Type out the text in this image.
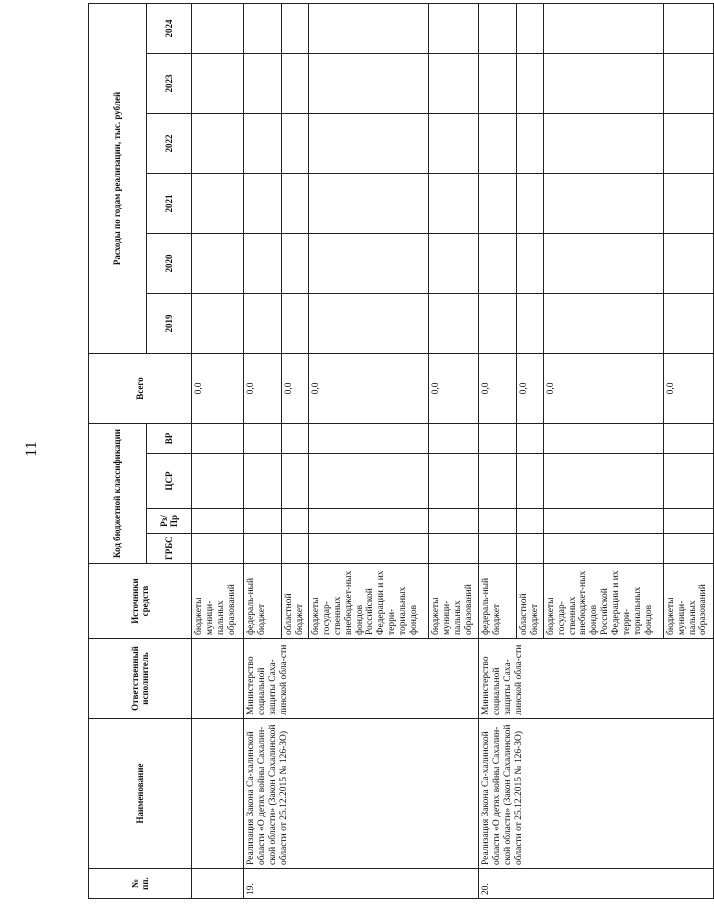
11
№ пп.	Наименование	Ответственный исполнитель	Источники средств	Код бюджетной классификации				Всего	Расходы по годам реализации, тыс. рублей					
				ГРБС	Рз/ Пр	ЦСР	ВР		2019	2020	2021	2022	2023	2024
			бюджеты муници-пальных образований					0,0						
19.	Реализация Закона Са-халинской области «О детях войны Сахалин-ской области» (Закон Сахалинской области от 25.12.2015 № 126-ЗО)	Министерство социальной защиты Саха-линской обла-сти	федераль-ный бюджет					0,0						
			областной бюджет					0,0						
			бюджеты государ-ственных внебюджет-ных фондов Российской Федерации и их терри-ториальных фондов					0,0						
			бюджеты муници-пальных образований					0,0						
20.	Реализация Закона Са-халинской области «О детях войны Сахалин-ской области» (Закон Сахалинской области от 25.12.2015 № 126-ЗО)	Министерство социальной защиты Саха-линской обла-сти	федераль-ный бюджет					0,0						
			областной бюджет					0,0						
			бюджеты государ-ственных внебюджет-ных фондов Российской Федерации и их терри-ториальных фондов					0,0						
			бюджеты муници-пальных образований					0,0						
